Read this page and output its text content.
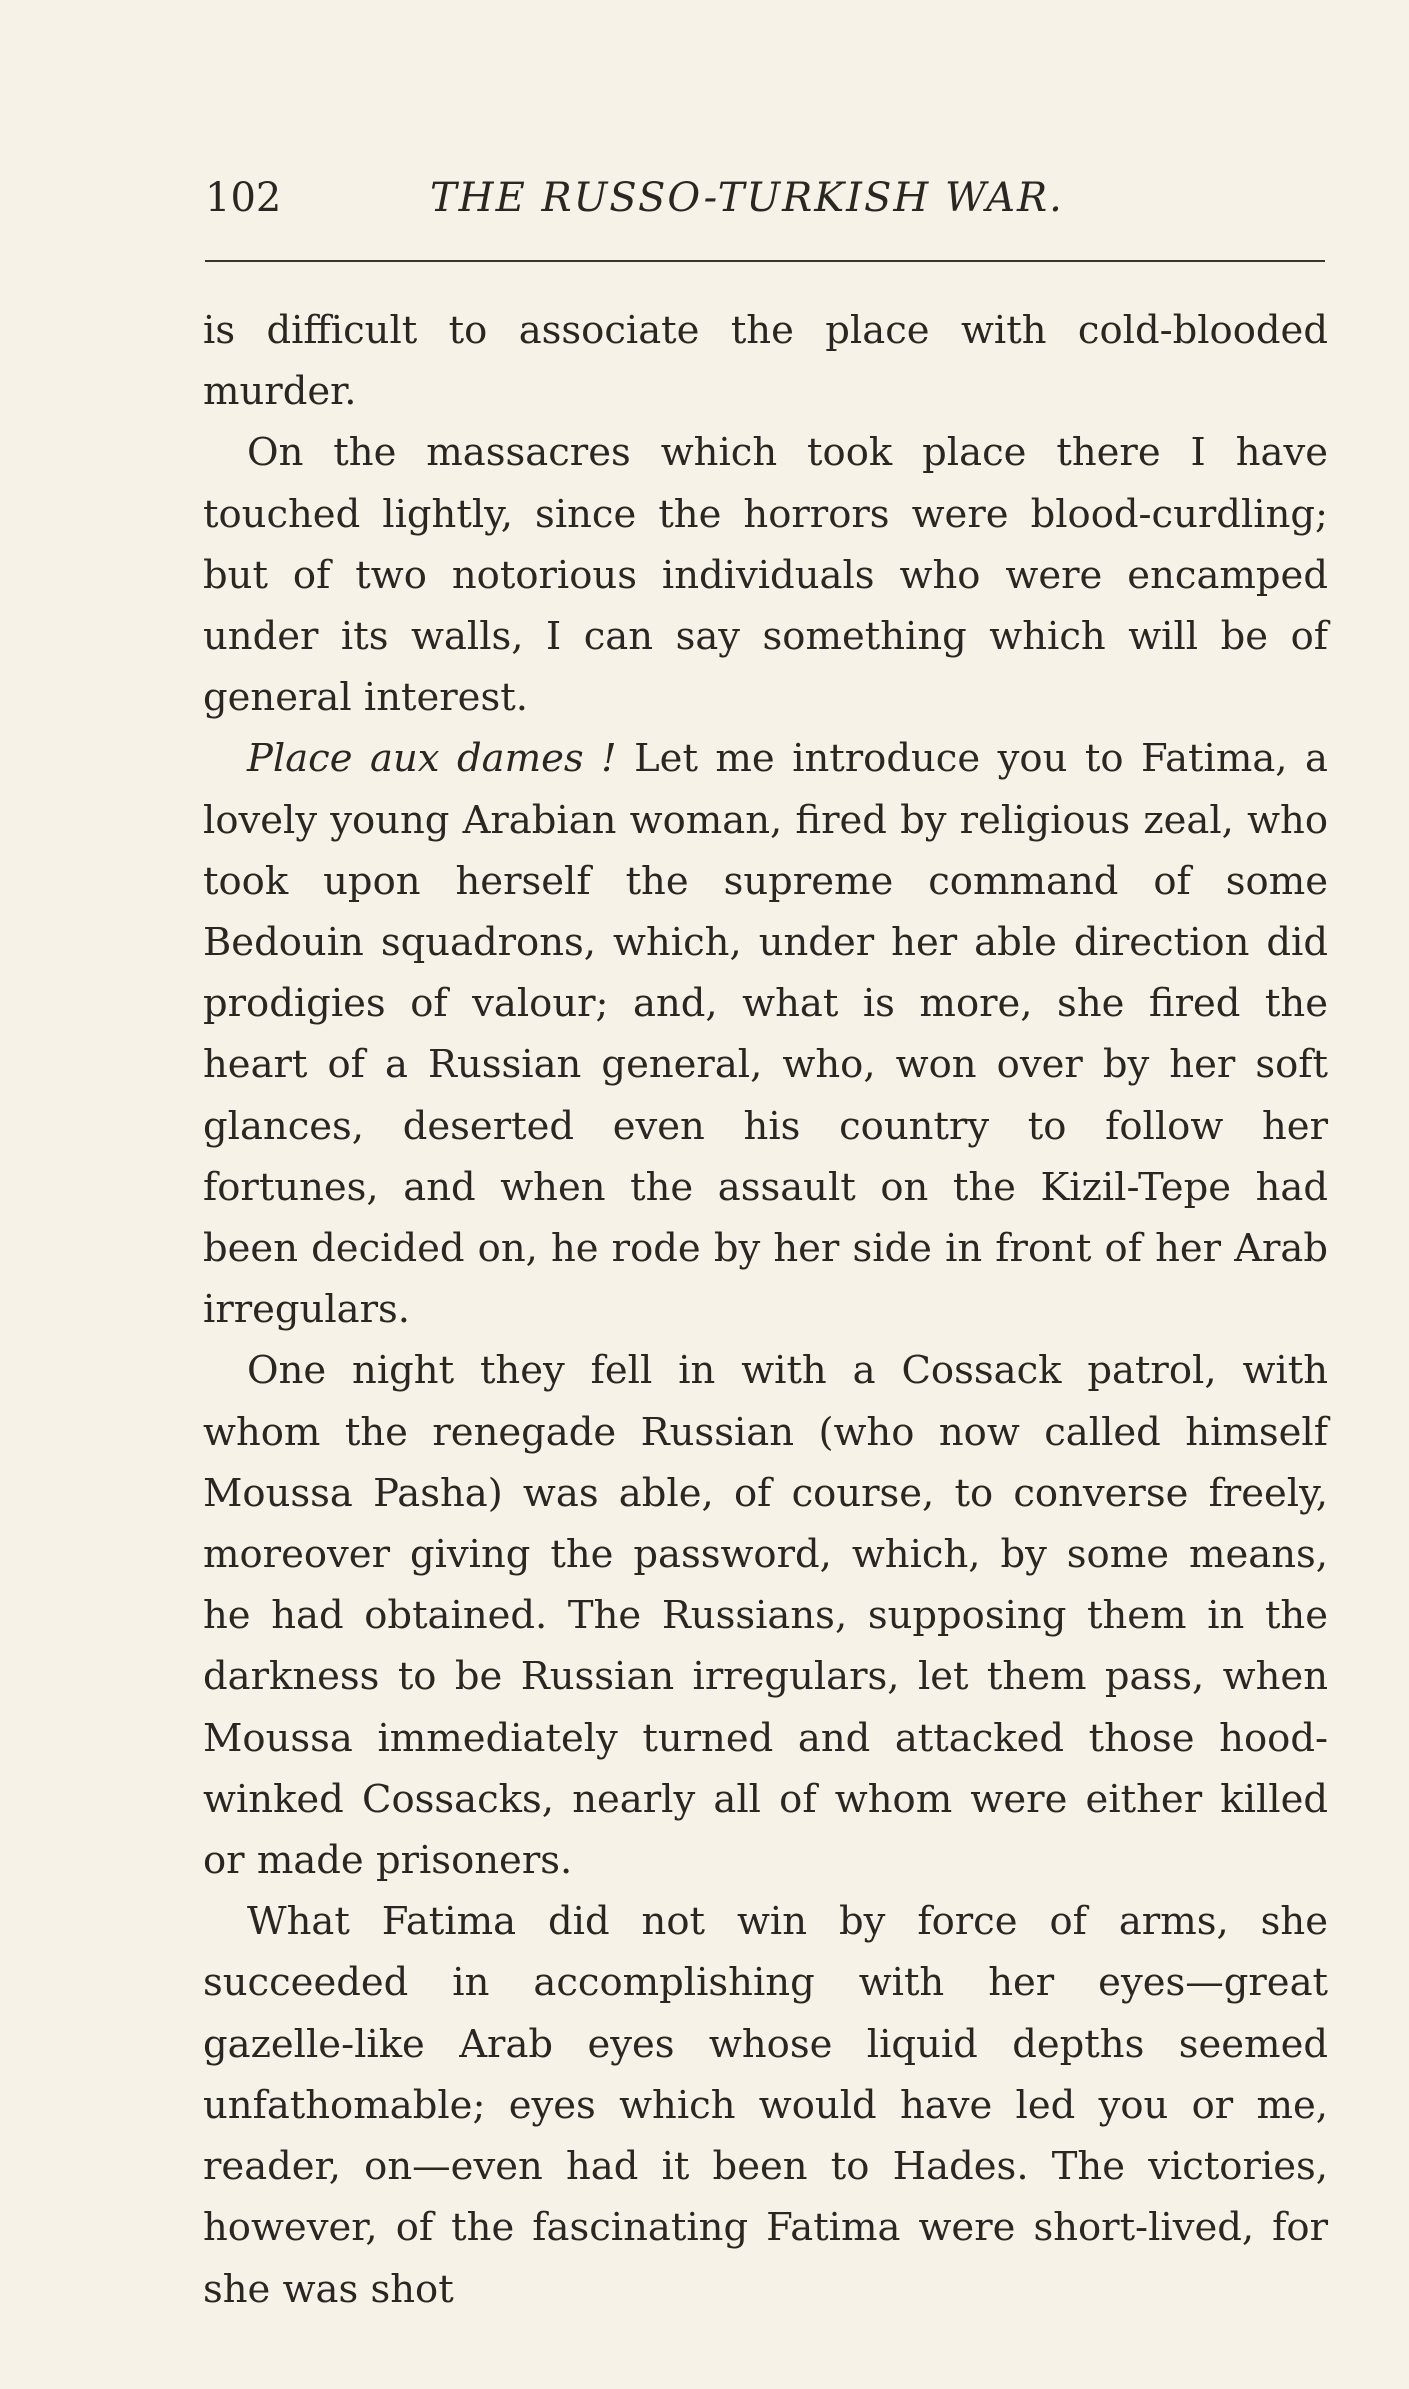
102	THE RUSSO-TURKISH WAR.

is difficult to associate the place with cold-blooded murder.

On the massacres which took place there I have touched lightly, since the horrors were blood-curdling; but of two notorious individuals who were encamped under its walls, I can say something which will be of general interest.

Place aux dames ! Let me introduce you to Fatima, a lovely young Arabian woman, fired by religious zeal, who took upon herself the supreme command of some Bedouin squadrons, which, under her able direction did prodigies of valour; and, what is more, she fired the heart of a Russian general, who, won over by her soft glances, deserted even his country to follow her fortunes, and when the assault on the Kizil-Tepe had been decided on, he rode by her side in front of her Arab irregulars.

One night they fell in with a Cossack patrol, with whom the renegade Russian (who now called himself Moussa Pasha) was able, of course, to converse freely, moreover giving the password, which, by some means, he had obtained. The Russians, supposing them in the darkness to be Russian irregulars, let them pass, when Moussa immediately turned and attacked those hood-winked Cossacks, nearly all of whom were either killed or made prisoners.

What Fatima did not win by force of arms, she succeeded in accomplishing with her eyes—great gazelle-like Arab eyes whose liquid depths seemed unfathomable; eyes which would have led you or me, reader, on—even had it been to Hades. The victories, however, of the fascinating Fatima were short-lived, for she was shot
